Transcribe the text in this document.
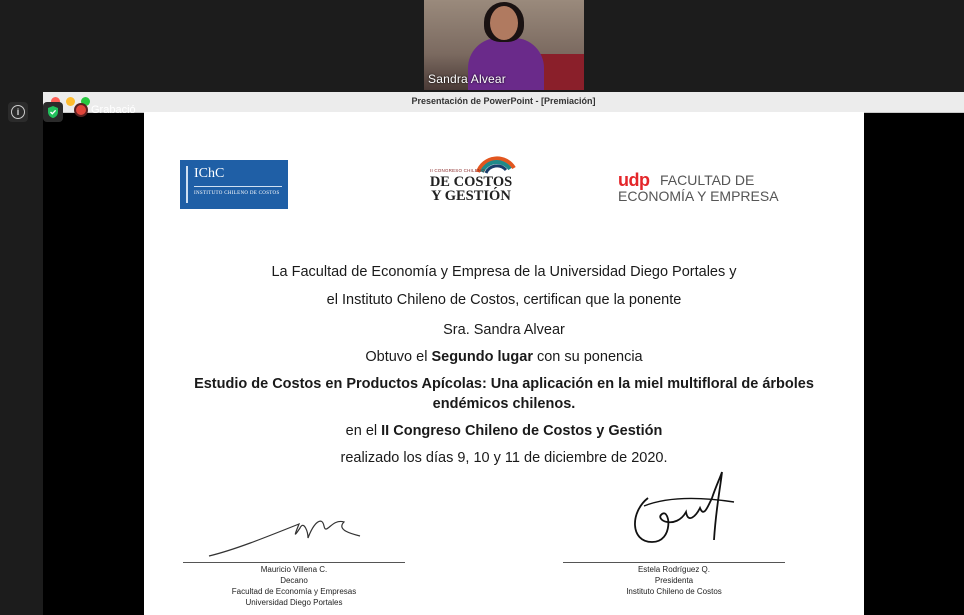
Sandra Alvear
i
Presentación de PowerPoint - [Premiación]
IChC
INSTITUTO CHILENO DE COSTOS
II CONGRESO CHILENO
DE COSTOS
Y GESTIÓN
udp FACULTAD DE
ECONOMÍA Y EMPRESA
La Facultad de Economía y Empresa de la Universidad Diego Portales y
el Instituto Chileno de Costos, certifican que la ponente
Sra. Sandra Alvear
Obtuvo el Segundo lugar con su ponencia
Estudio de Costos en Productos Apícolas: Una aplicación en la miel multifloral de árboles
endémicos chilenos.
en el II Congreso Chileno de Costos y Gestión
realizado los días 9, 10 y 11 de diciembre de 2020.
Mauricio Villena C.
Decano
Facultad de Economía y Empresas
Universidad Diego Portales
Estela Rodríguez Q.
Presidenta
Instituto Chileno de Costos
Grabació
